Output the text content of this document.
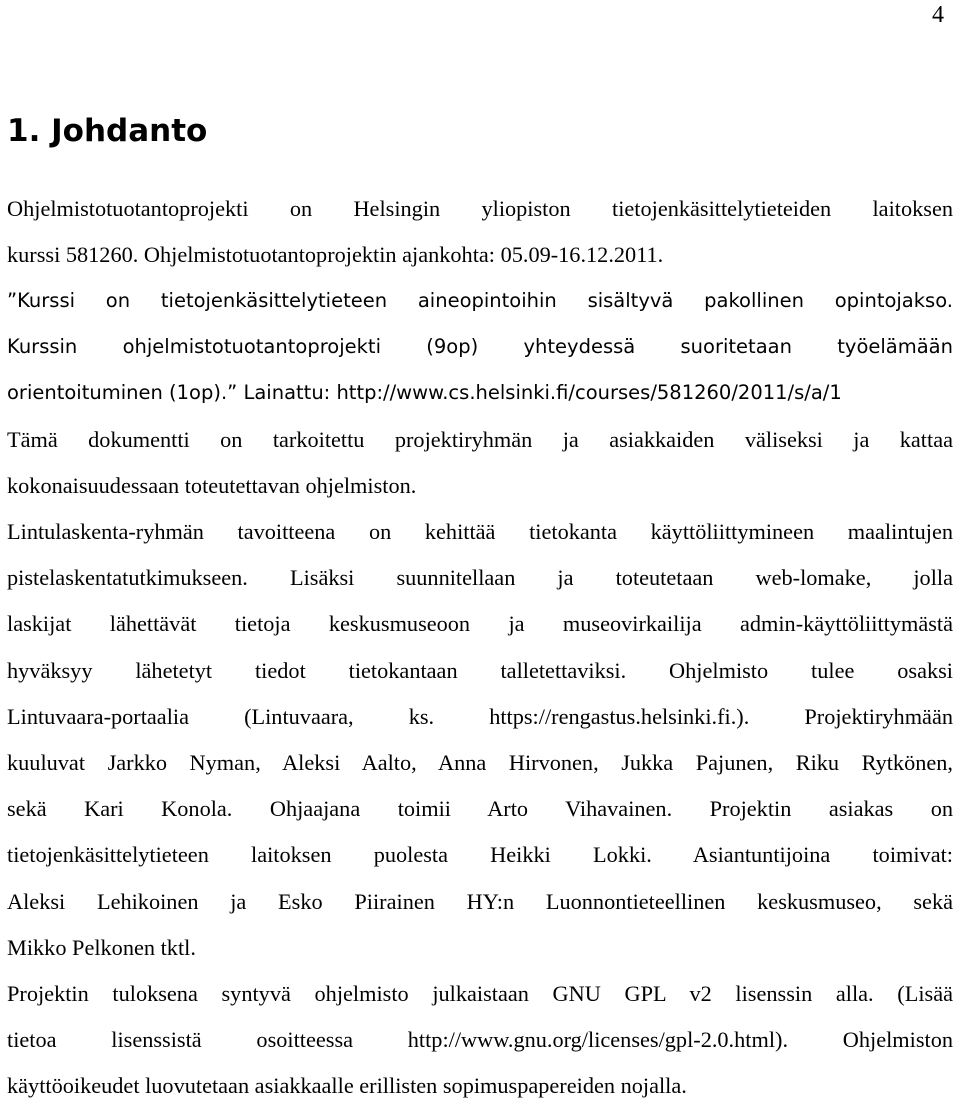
4
1. Johdanto
Ohjelmistotuotantoprojekti on Helsingin yliopiston tietojenkäsittelytieteiden laitoksen
kurssi 581260. Ohjelmistotuotantoprojektin ajankohta: 05.09-16.12.2011.
”Kurssi on tietojenkäsittelytieteen aineopintoihin sisältyvä pakollinen opintojakso.
Kurssin ohjelmistotuotantoprojekti (9op) yhteydessä suoritetaan työelämään
orientoituminen (1op).” Lainattu: http://www.cs.helsinki.fi/courses/581260/2011/s/a/1
Tämä dokumentti on tarkoitettu projektiryhmän ja asiakkaiden väliseksi ja kattaa
kokonaisuudessaan toteutettavan ohjelmiston.
Lintulaskenta-ryhmän tavoitteena on kehittää tietokanta käyttöliittymineen maalintujen
pistelaskentatutkimukseen. Lisäksi suunnitellaan ja toteutetaan web-lomake, jolla
laskijat lähettävät tietoja keskusmuseoon ja museovirkailija admin-käyttöliittymästä
hyväksyy lähetetyt tiedot tietokantaan talletettaviksi. Ohjelmisto tulee osaksi
Lintuvaara-portaalia (Lintuvaara, ks. https://rengastus.helsinki.fi.). Projektiryhmään
kuuluvat Jarkko Nyman, Aleksi Aalto, Anna Hirvonen, Jukka Pajunen, Riku Rytkönen,
sekä Kari Konola. Ohjaajana toimii Arto Vihavainen. Projektin asiakas on
tietojenkäsittelytieteen laitoksen puolesta Heikki Lokki. Asiantuntijoina toimivat:
Aleksi Lehikoinen ja Esko Piirainen HY:n Luonnontieteellinen keskusmuseo, sekä
Mikko Pelkonen tktl.
Projektin tuloksena syntyvä ohjelmisto julkaistaan GNU GPL v2 lisenssin alla. (Lisää
tietoa lisenssistä osoitteessa http://www.gnu.org/licenses/gpl-2.0.html). Ohjelmiston
käyttöoikeudet luovutetaan asiakkaalle erillisten sopimuspapereiden nojalla.
